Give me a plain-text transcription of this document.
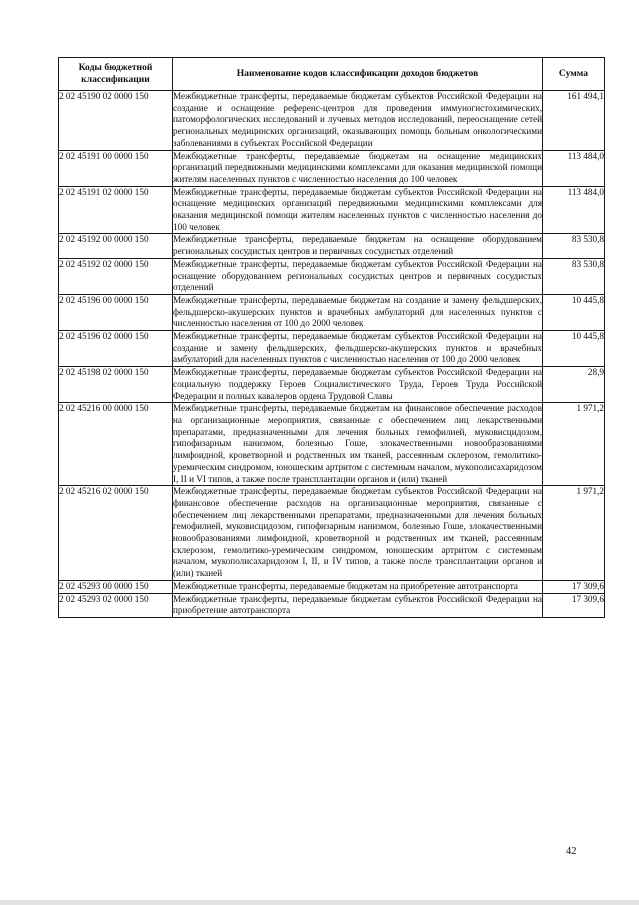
Коды бюджетной классификации	Наименование кодов классификации доходов бюджетов	Сумма

2 02 45190 02 0000 150	Межбюджетные трансферты, передаваемые бюджетам субъектов Российской Федерации на создание и оснащение референс-центров для проведения иммуногистохимических, патоморфологических исследований и лучевых методов исследований, переоснащение сетей региональных медицинских организаций, оказывающих помощь больным онкологическими заболеваниями в субъектах Российской Федерации	161 494,1
2 02 45191 00 0000 150	Межбюджетные трансферты, передаваемые бюджетам на оснащение медицинских организаций передвижными медицинскими комплексами для оказания медицинской помощи жителям населенных пунктов с численностью населения до 100 человек	113 484,0
2 02 45191 02 0000 150	Межбюджетные трансферты, передаваемые бюджетам субъектов Российской Федерации на оснащение медицинских организаций передвижными медицинскими комплексами для оказания медицинской помощи жителям населенных пунктов с численностью населения до 100 человек	113 484,0
2 02 45192 00 0000 150	Межбюджетные трансферты, передаваемые бюджетам на оснащение оборудованием региональных сосудистых центров и первичных сосудистых отделений	83 530,8
2 02 45192 02 0000 150	Межбюджетные трансферты, передаваемые бюджетам субъектов Российской Федерации на оснащение оборудованием региональных сосудистых центров и первичных сосудистых отделений	83 530,8
2 02 45196 00 0000 150	Межбюджетные трансферты, передаваемые бюджетам на создание и замену фельдшерских, фельдшерско-акушерских пунктов и врачебных амбулаторий для населенных пунктов с численностью населения от 100 до 2000 человек	10 445,8
2 02 45196 02 0000 150	Межбюджетные трансферты, передаваемые бюджетам субъектов Российской Федерации на создание и замену фельдшерских, фельдшерско-акушерских пунктов и врачебных амбулаторий для населенных пунктов с численностью населения от 100 до 2000 человек	10 445,8
2 02 45198 02 0000 150	Межбюджетные трансферты, передаваемые бюджетам субъектов Российской Федерации на социальную поддержку Героев Социалистического Труда, Героев Труда Российской Федерации и полных кавалеров ордена Трудовой Славы	28,9
2 02 45216 00 0000 150	Межбюджетные трансферты, передаваемые бюджетам на финансовое обеспечение расходов на организационные мероприятия, связанные с обеспечением лиц лекарственными препаратами, предназначенными для лечения больных гемофилией, муковисцидозом, гипофизарным нанизмом, болезнью Гоше, злокачественными новообразованиями лимфоидной, кроветворной и родственных им тканей, рассеянным склерозом, гемолитико-уремическим синдромом, юношеским артритом с системным началом, мукополисахаридозом I, II и VI типов, а также после трансплантации органов и (или) тканей	1 971,2
2 02 45216 02 0000 150	Межбюджетные трансферты, передаваемые бюджетам субъектов Российской Федерации на финансовое обеспечение расходов на организационные мероприятия, связанные с обеспечением лиц лекарственными препаратами, предназначенными для лечения больных гемофилией, муковисцидозом, гипофизарным нанизмом, болезнью Гоше, злокачественными новообразованиями лимфоидной, кроветворной и родственных им тканей, рассеянным склерозом, гемолитико-уремическим синдромом, юношеским артритом с системным началом, мукополисахаридозом I, II, и IV типов, а также после трансплантации органов и (или) тканей	1 971,2
2 02 45293 00 0000 150	Межбюджетные трансферты, передаваемые бюджетам на приобретение автотранспорта	17 309,6
2 02 45293 02 0000 150	Межбюджетные трансферты, передаваемые бюджетам субъектов Российской Федерации на приобретение автотранспорта	17 309,6
42
